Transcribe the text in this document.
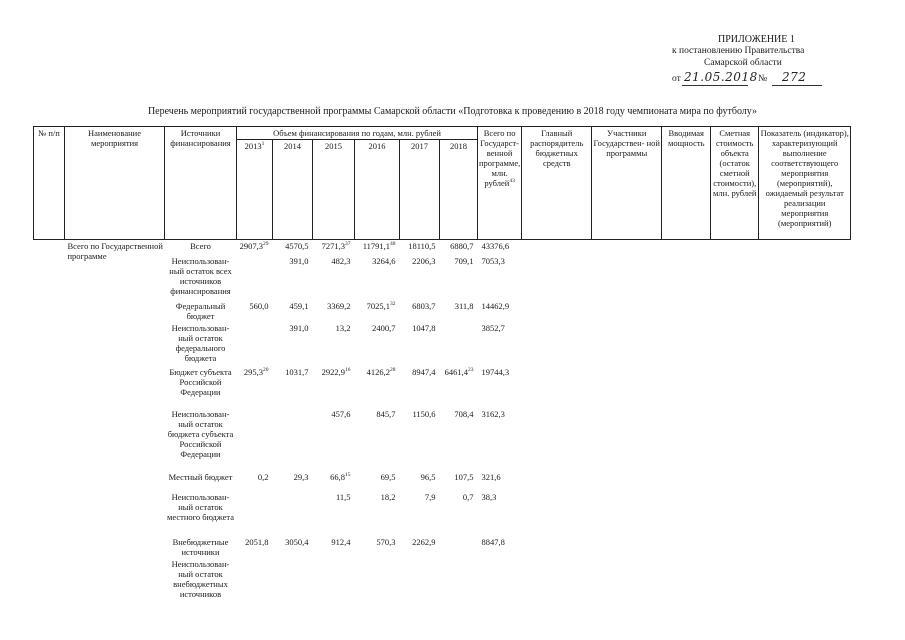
ПРИЛОЖЕНИЕ 1
к постановлению Правительства
Самарской области
от 21.05.2018 № 272
Перечень мероприятий государственной программы Самарской области «Подготовка к проведению в 2018 году чемпионата мира по футболу»
№ п/п	Наименование мероприятия	Источники финансирования	Объем финансирования по годам, млн. рублей						Всего по Государст- венной программе, млн. рублей$^{43}$	Главный распорядитель бюджетных средств	Участники Государствен- ной программы	Вводимая мощность	Сметная стоимость объекта (остаток сметной стоимости), млн. рублей	Показатель (индикатор), характеризующий выполнение соответствующего мероприятия (мероприятий), ожидаемый результат реализации мероприятия (мероприятий)
			2013$^1$	2014	2015	2016	2017	2018						
	Всего по Государственной программе	Всего	2907,3$^{29}$	4570,5	7271,3$^{37}$	11791,1$^{48}$	18110,5	6880,7	43376,6					
		Неиспользован-ный остаток всех источников финансирования		391,0	482,3	3264,6	2206,3	709,1	7053,3					
		Федеральный бюджет	560,0	459,1	3369,2	7025,1$^{32}$	6803,7	311,8	14462,9					
		Неиспользован-ный остаток федерального бюджета		391,0	13,2	2400,7	1047,8		3852,7					
		Бюджет субъекта Российской Федерации	295,3$^{20}$	1031,7	2922,9$^{16}$	4126,2$^{28}$	8947,4	6461,4$^{23}$	19744,3					
		Неиспользован-ный остаток бюджета субъекта Российской Федерации			457,6	845,7	1150,6	708,4	3162,3					
		Местный бюджет	0,2	29,3	66,8$^{15}$	69,5	96,5	107,5	321,6					
		Неиспользован-ный остаток местного бюджета			11,5	18,2	7,9	0,7	38,3					
		Внебюджетные источники	2051,8	3050,4	912,4	570,3	2262,9		8847,8					
		Неиспользован-ный остаток внебюджетных источников												
